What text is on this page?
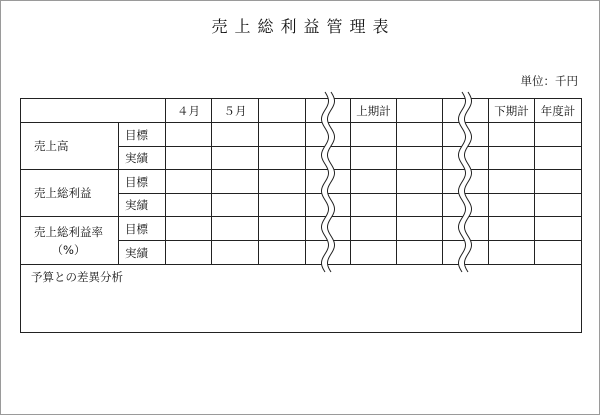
売上総利益管理表
単位：千円
		４月	５月			上期計			下期計	年度計

売上高	目標									
	実績									

売上総利益	目標									
	実績									

売上総利益率
（%）	目標									
	実績									

予算との差異分析										
